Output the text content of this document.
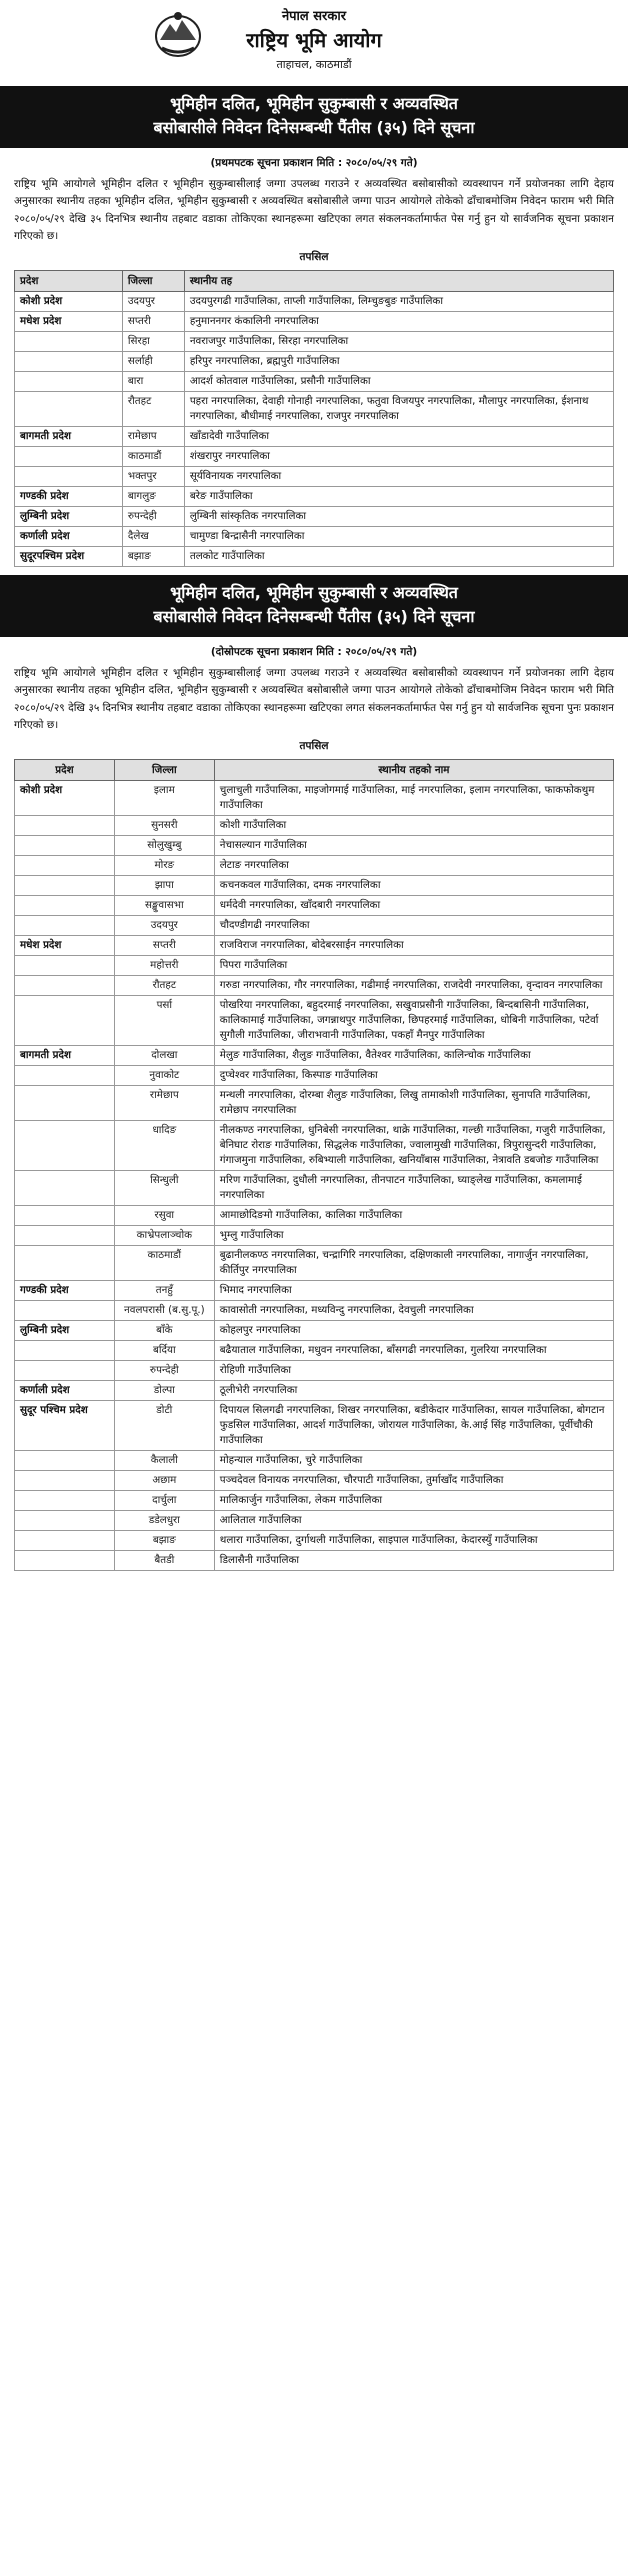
नेपाल सरकार
राष्ट्रिय भूमि आयोग
ताहाचल, काठमाडौं
भूमिहीन दलित, भूमिहीन सुकुम्बासी र अव्यवस्थित
बसोबासीले निवेदन दिनेसम्बन्धी पैंतीस (३५) दिने सूचना
(प्रथमपटक सूचना प्रकाशन मिति : २०८०/०५/२९ गते)

राष्ट्रिय भूमि आयोगले भूमिहीन दलित र भूमिहीन सुकुम्बासीलाई जग्गा उपलब्ध गराउने र अव्यवस्थित बसोबासीको व्यवस्थापन गर्ने प्रयोजनका लागि देहाय अनुसारका स्थानीय तहका भूमिहीन दलित, भूमिहीन सुकुम्बासी र अव्यवस्थित बसोबासीले जग्गा पाउन आयोगले तोकेको ढाँचाबमोजिम निवेदन फाराम भरी मिति २०८०/०५/२९ देखि ३५ दिनभित्र स्थानीय तहबाट वडाका तोकिएका स्थानहरूमा खटिएका लगत संकलनकर्तामार्फत पेस गर्नु हुन यो सार्वजनिक सूचना प्रकाशन गरिएको छ।

तपसिल
प्रदेश	जिल्ला	स्थानीय तह
कोशी प्रदेश	उदयपुर	उदयपुरगढी गाउँपालिका, ताप्ली गाउँपालिका, लिम्चुङबुङ गाउँपालिका
मधेश प्रदेश	सप्तरी	हनुमाननगर कंकालिनी नगरपालिका
	सिरहा	नवराजपुर गाउँपालिका, सिरहा नगरपालिका
	सर्लाही	हरिपुर नगरपालिका, ब्रह्मपुरी गाउँपालिका
	बारा	आदर्श कोतवाल गाउँपालिका, प्रसौनी गाउँपालिका
	रौतहट	पहरा नगरपालिका, देवाही गोनाही नगरपालिका, फतुवा विजयपुर नगरपालिका, मौलापुर नगरपालिका, ईशनाथ नगरपालिका, बौधीमाई नगरपालिका, राजपुर नगरपालिका
बागमती प्रदेश	रामेछाप	खाँडादेवी गाउँपालिका
	काठमाडौं	शंखरापुर नगरपालिका
	भक्तपुर	सूर्यविनायक नगरपालिका
गण्डकी प्रदेश	बागलुङ	बरेङ गाउँपालिका
लुम्बिनी प्रदेश	रुपन्देही	लुम्बिनी सांस्कृतिक नगरपालिका
कर्णाली प्रदेश	दैलेख	चामुण्डा बिन्द्रासैनी नगरपालिका
सुदूरपश्चिम प्रदेश	बझाङ	तलकोट गाउँपालिका
भूमिहीन दलित, भूमिहीन सुकुम्बासी र अव्यवस्थित
बसोबासीले निवेदन दिनेसम्बन्धी पैंतीस (३५) दिने सूचना
(दोस्रोपटक सूचना प्रकाशन मिति : २०८०/०५/२९ गते)

राष्ट्रिय भूमि आयोगले भूमिहीन दलित र भूमिहीन सुकुम्बासीलाई जग्गा उपलब्ध गराउने र अव्यवस्थित बसोबासीको व्यवस्थापन गर्ने प्रयोजनका लागि देहाय अनुसारका स्थानीय तहका भूमिहीन दलित, भूमिहीन सुकुम्बासी र अव्यवस्थित बसोबासीले जग्गा पाउन आयोगले तोकेको ढाँचाबमोजिम निवेदन फाराम भरी मिति २०८०/०५/२९ देखि ३५ दिनभित्र स्थानीय तहबाट वडाका तोकिएका स्थानहरूमा खटिएका लगत संकलनकर्तामार्फत पेस गर्नु हुन यो सार्वजनिक सूचना पुनः प्रकाशन गरिएको छ।

तपसिल
प्रदेश	जिल्ला	स्थानीय तहको नाम
कोशी प्रदेश	इलाम	चुलाचुली गाउँपालिका, माइजोगमाई गाउँपालिका, माई नगरपालिका, इलाम नगरपालिका, फाकफोकथुम गाउँपालिका
	सुनसरी	कोशी गाउँपालिका
	सोलुखुम्बु	नेचासल्यान गाउँपालिका
	मोरङ	लेटाङ नगरपालिका
	झापा	कचनकवल गाउँपालिका, दमक नगरपालिका
	सङ्खुवासभा	धर्मदेवी नगरपालिका, खाँदबारी नगरपालिका
	उदयपुर	चौदण्डीगढी नगरपालिका
मधेश प्रदेश	सप्तरी	राजविराज नगरपालिका, बोदेबरसाईन नगरपालिका
	महोत्तरी	पिपरा गाउँपालिका
	रौतहट	गरुडा नगरपालिका, गौर नगरपालिका, गढीमाई नगरपालिका, राजदेवी नगरपालिका, वृन्दावन नगरपालिका
	पर्सा	पोखरिया नगरपालिका, बहुदरमाई नगरपालिका, सखुवाप्रसौनी गाउँपालिका, बिन्दबासिनी गाउँपालिका, कालिकामाई गाउँपालिका, जगन्नाथपुर गाउँपालिका, छिपहरमाई गाउँपालिका, धोबिनी गाउँपालिका, पटेर्वा सुगौली गाउँपालिका, जीराभवानी गाउँपालिका, पकहाँ मैनपुर गाउँपालिका
बागमती प्रदेश	दोलखा	मेलुङ गाउँपालिका, शैलुङ गाउँपालिका, वैतेश्वर गाउँपालिका, कालिन्चोक गाउँपालिका
	नुवाकोट	दुप्चेश्वर गाउँपालिका, किस्पाङ गाउँपालिका
	रामेछाप	मन्थली नगरपालिका, दोरम्बा शैलुङ गाउँपालिका, लिखु तामाकोशी गाउँपालिका, सुनापति गाउँपालिका, रामेछाप नगरपालिका
	धादिङ	नीलकण्ठ नगरपालिका, धुनिबेसी नगरपालिका, थाक्रे गाउँपालिका, गल्छी गाउँपालिका, गजुरी गाउँपालिका, बेनिघाट रोराङ गाउँपालिका, सिद्धलेक गाउँपालिका, ज्वालामुखी गाउँपालिका, त्रिपुरासुन्दरी गाउँपालिका, गंगाजमुना गाउँपालिका, रुबिभ्याली गाउँपालिका, खनियाँबास गाउँपालिका, नेत्रावति डबजोङ गाउँपालिका
	सिन्धुली	मरिण गाउँपालिका, दुधौली नगरपालिका, तीनपाटन गाउँपालिका, घ्याङ्लेख गाउँपालिका, कमलामाई नगरपालिका
	रसुवा	आमाछोदिङमो गाउँपालिका, कालिका गाउँपालिका
	काभ्रेपलाञ्चोक	भुम्लु गाउँपालिका
	काठमाडौं	बुढानीलकण्ठ नगरपालिका, चन्द्रागिरि नगरपालिका, दक्षिणकाली नगरपालिका, नागार्जुन नगरपालिका, कीर्तिपुर नगरपालिका
गण्डकी प्रदेश	तनहुँ	भिमाद नगरपालिका
	नवलपरासी (ब.सु.पू.)	कावासोती नगरपालिका, मध्यविन्दु नगरपालिका, देवचुली नगरपालिका
लुम्बिनी प्रदेश	बाँके	कोहलपुर नगरपालिका
	बर्दिया	बढैयाताल गाउँपालिका, मधुवन नगरपालिका, बाँसगढी नगरपालिका, गुलरिया नगरपालिका
	रुपन्देही	रोहिणी गाउँपालिका
कर्णाली प्रदेश	डोल्पा	ठूलीभेरी नगरपालिका
सुदूर पश्चिम प्रदेश	डोटी	दिपायल सिलगढी नगरपालिका, शिखर नगरपालिका, बडीकेदार गाउँपालिका, सायल गाउँपालिका, बोगटान फुडसिल गाउँपालिका, आदर्श गाउँपालिका, जोरायल गाउँपालिका, के.आई सिंह गाउँपालिका, पूर्वीचौकी गाउँपालिका
	कैलाली	मोहन्याल गाउँपालिका, चुरे गाउँपालिका
	अछाम	पञ्चदेवल विनायक नगरपालिका, चौरपाटी गाउँपालिका, तुर्माखाँद गाउँपालिका
	दार्चुला	मालिकार्जुन गाउँपालिका, लेकम गाउँपालिका
	डडेलधुरा	आलिताल गाउँपालिका
	बझाङ	थलारा गाउँपालिका, दुर्गाथली गाउँपालिका, साइपाल गाउँपालिका, केदारस्युँ गाउँपालिका
	बैतडी	डिलासैनी गाउँपालिका
